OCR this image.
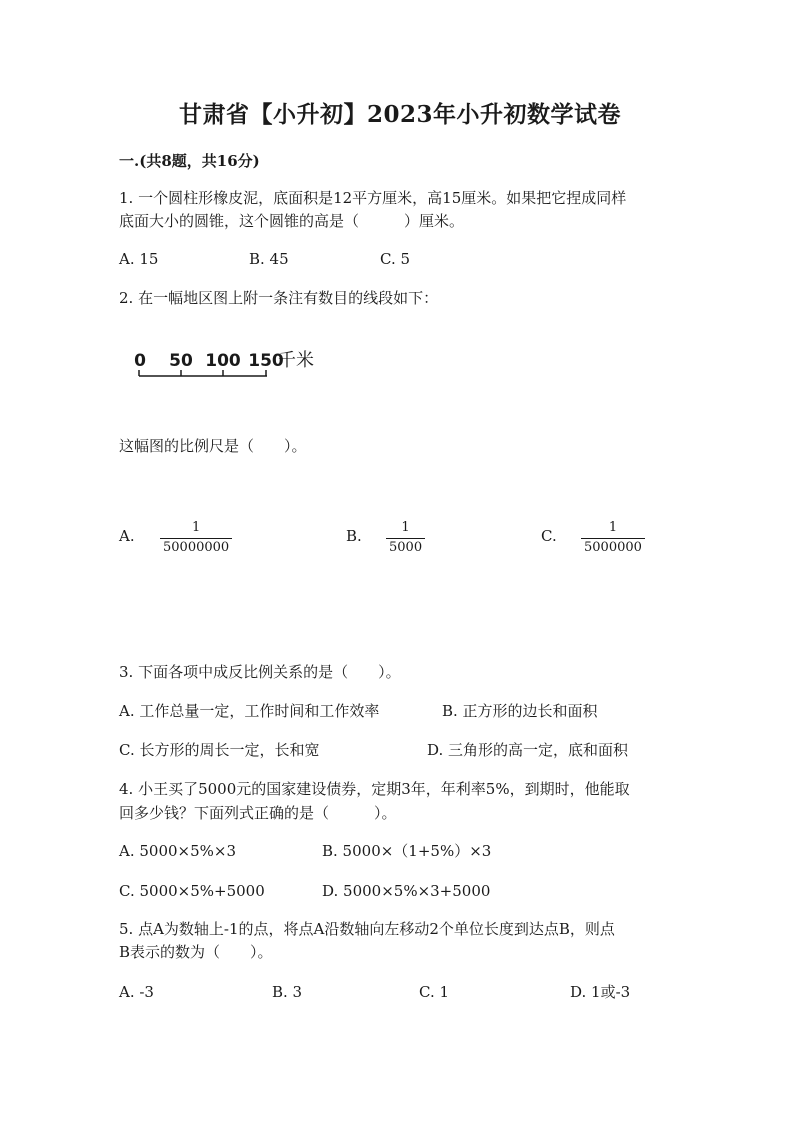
甘肃省【小升初】2023年小升初数学试卷
一.(共8题，共16分)
1. 一个圆柱形橡皮泥，底面积是12平方厘米，高15厘米。如果把它捏成同样
底面大小的圆锥，这个圆锥的高是（　　　）厘米。
A. 15	B. 45	C. 5
2. 在一幅地区图上附一条注有数目的线段如下：
0 50 100 150
千米
这幅图的比例尺是（　　）。
A. $\frac{1}{50000000}$	B. $\frac{1}{5000}$	C. $\frac{1}{5000000}$
3. 下面各项中成反比例关系的是（　　）。
A. 工作总量一定，工作时间和工作效率	B. 正方形的边长和面积
C. 长方形的周长一定，长和宽	D. 三角形的高一定，底和面积
4. 小王买了5000元的国家建设债券，定期3年，年利率5%，到期时，他能取
回多少钱？下面列式正确的是（　　　）。
A. 5000×5%×3	B. 5000×（1+5%）×3
C. 5000×5%+5000	D. 5000×5%×3+5000
5. 点A为数轴上-1的点，将点A沿数轴向左移动2个单位长度到达点B，则点
B表示的数为（　　）。
A. -3	B. 3	C. 1	D. 1或-3
